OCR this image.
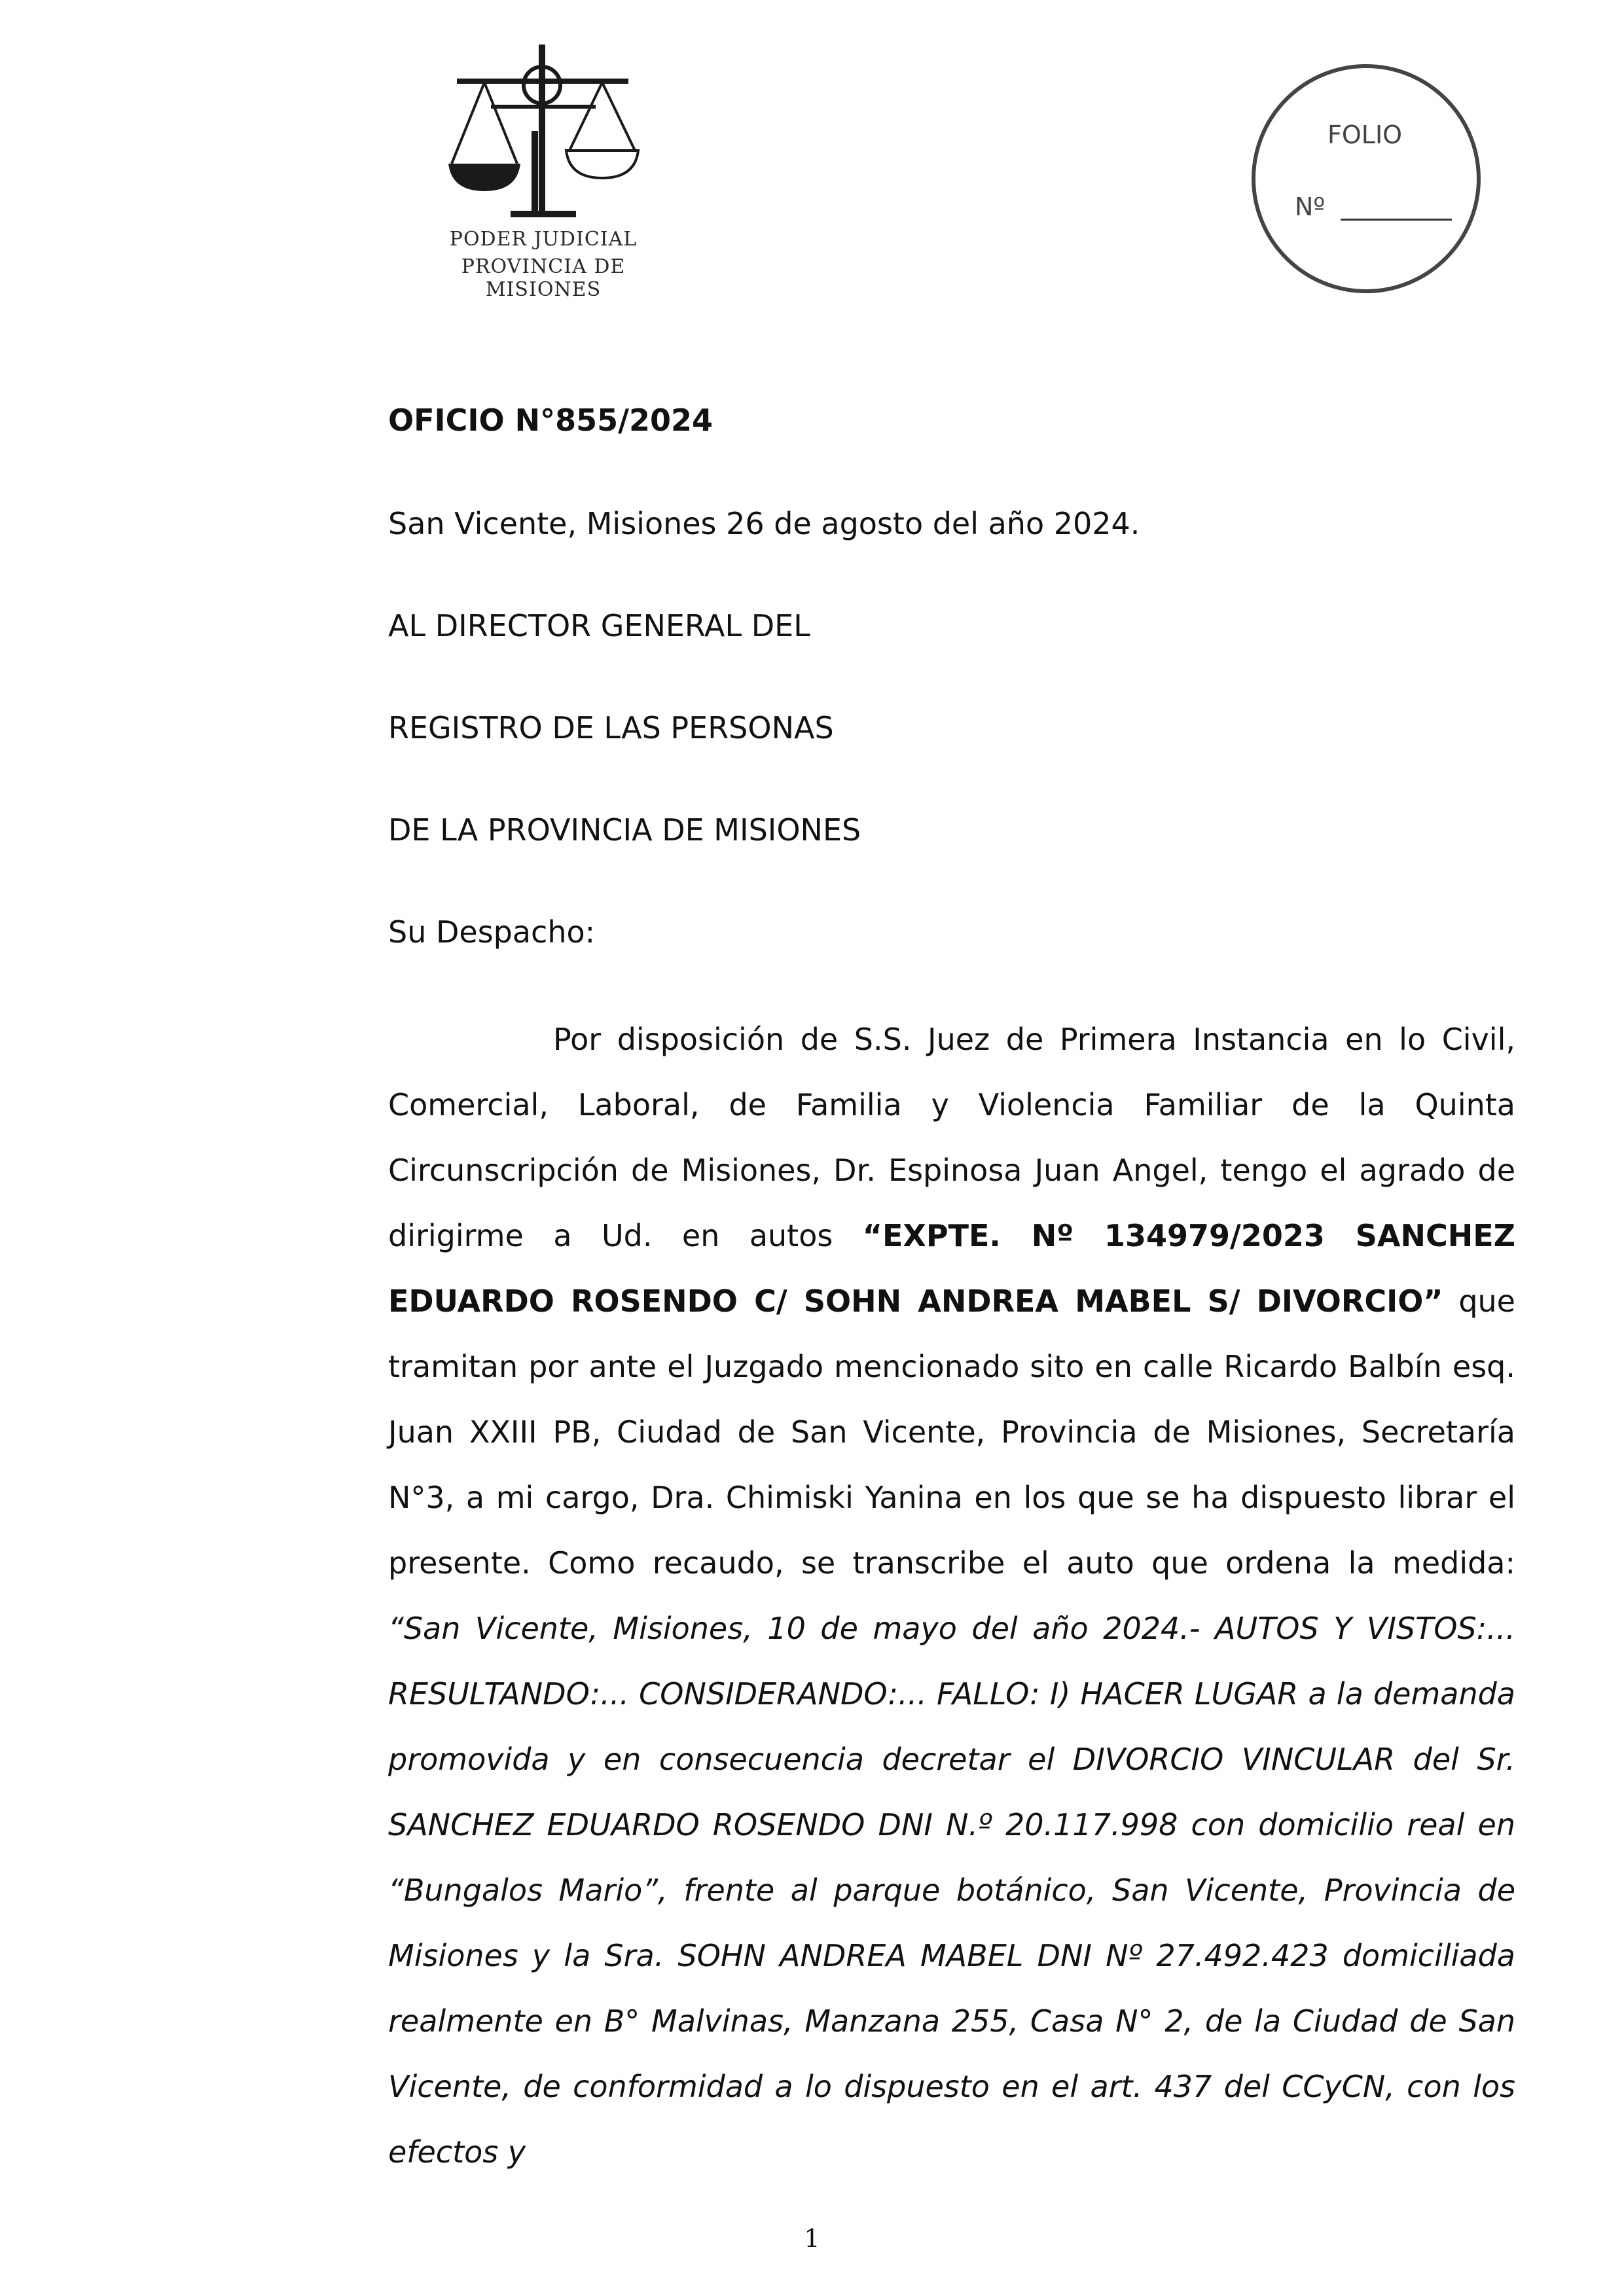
PODER JUDICIAL
PROVINCIA DE MISIONES
FOLIO
Nº
OFICIO N°855/2024
San Vicente, Misiones 26 de agosto del año 2024.
AL DIRECTOR GENERAL DEL
REGISTRO DE LAS PERSONAS
DE LA PROVINCIA DE MISIONES
Su Despacho:
Por disposición de S.S. Juez de Primera Instancia en lo Civil, Comercial, Laboral, de Familia y Violencia Familiar de la Quinta Circunscripción de Misiones, Dr. Espinosa Juan Angel, tengo el agrado de dirigirme a Ud. en autos “EXPTE. Nº 134979/2023 SANCHEZ EDUARDO ROSENDO C/ SOHN ANDREA MABEL S/ DIVORCIO” que tramitan por ante el Juzgado mencionado sito en calle Ricardo Balbín esq. Juan XXIII PB, Ciudad de San Vicente, Provincia de Misiones, Secretaría N°3, a mi cargo, Dra. Chimiski Yanina en los que se ha dispuesto librar el presente. Como recaudo, se transcribe el auto que ordena la medida: “San Vicente, Misiones, 10 de mayo del año 2024.- AUTOS Y VISTOS:... RESULTANDO:... CONSIDERANDO:... FALLO: I) HACER LUGAR a la demanda promovida y en consecuencia decretar el DIVORCIO VINCULAR del Sr. SANCHEZ EDUARDO ROSENDO DNI N.º 20.117.998 con domicilio real en “Bungalos Mario”, frente al parque botánico, San Vicente, Provincia de Misiones y la Sra. SOHN ANDREA MABEL DNI Nº 27.492.423 domiciliada realmente en B° Malvinas, Manzana 255, Casa N° 2, de la Ciudad de San Vicente, de conformidad a lo dispuesto en el art. 437 del CCyCN, con los efectos y
1
